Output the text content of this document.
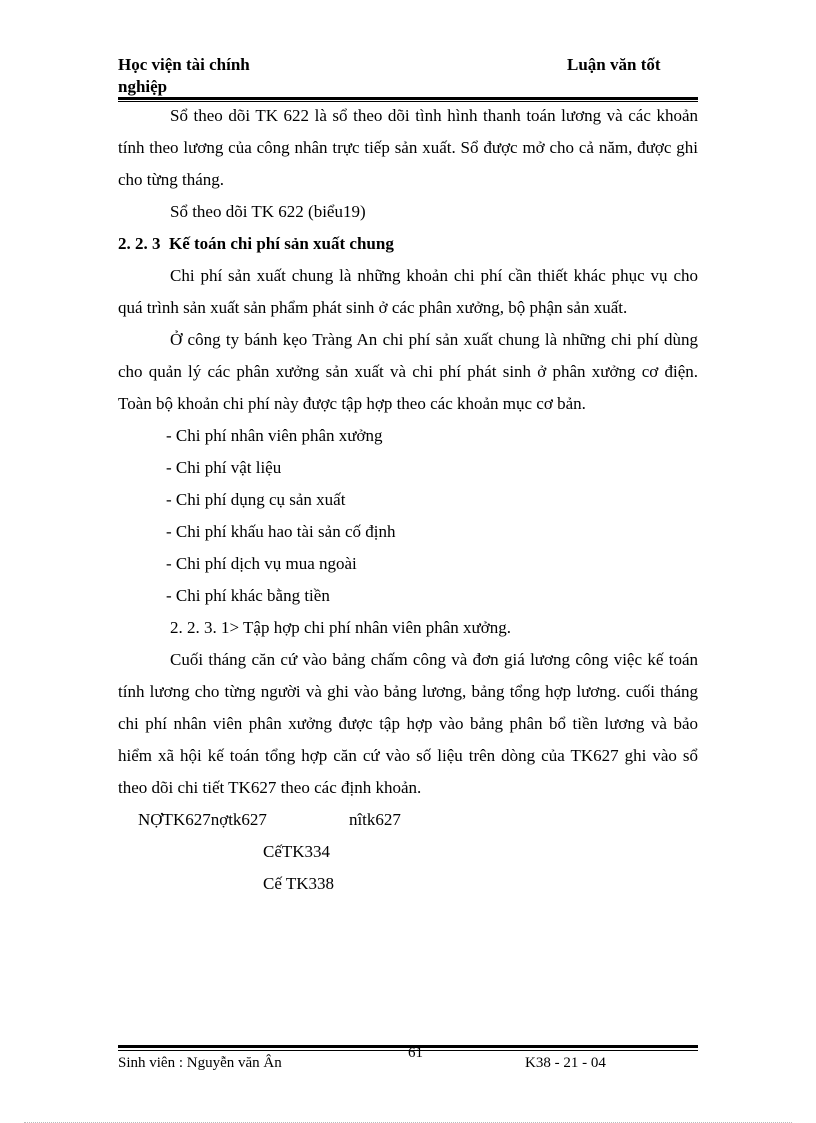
Học viện tài chính
nghiệp
Luận văn tốt

Sổ theo dõi TK 622 là sổ theo dõi tình hình thanh toán lương và các khoản tính theo lương của công nhân trực tiếp sản xuất. Sổ được mở cho cả năm, được ghi cho từng tháng.

Sổ theo dõi TK 622 (biểu19)

2. 2. 3 Kế toán chi phí sản xuất chung

Chi phí sản xuất chung là những khoản chi phí cần thiết khác phục vụ cho quá trình sản xuất sản phẩm phát sinh ở các phân xưởng, bộ phận sản xuất.

Ở công ty bánh kẹo Tràng An chi phí sản xuất chung là những chi phí dùng cho quản lý các phân xưởng sản xuất và chi phí phát sinh ở phân xưởng cơ điện. Toàn bộ khoản chi phí này được tập hợp theo các khoản mục cơ bản.

- Chi phí nhân viên phân xưởng

- Chi phí vật liệu

- Chi phí dụng cụ sản xuất

- Chi phí khấu hao tài sản cố định

- Chi phí dịch vụ mua ngoài

- Chi phí khác bằng tiền

2. 2. 3. 1> Tập hợp chi phí nhân viên phân xưởng.

Cuối tháng căn cứ vào bảng chấm công và đơn giá lương công việc kế toán tính lương cho từng người và ghi vào bảng lương, bảng tổng hợp lương. cuối tháng chi phí nhân viên phân xưởng được tập hợp vào bảng phân bổ tiền lương và bảo hiểm xã hội kế toán tổng hợp căn cứ vào số liệu trên dòng của TK627 ghi vào sổ theo dõi chi tiết TK627 theo các định khoản.

NỢTK627nợtk627	nîtk627

CếTK334

Cế TK338

Sinh viên : Nguyễn văn Ân
61
K38 - 21 - 04
